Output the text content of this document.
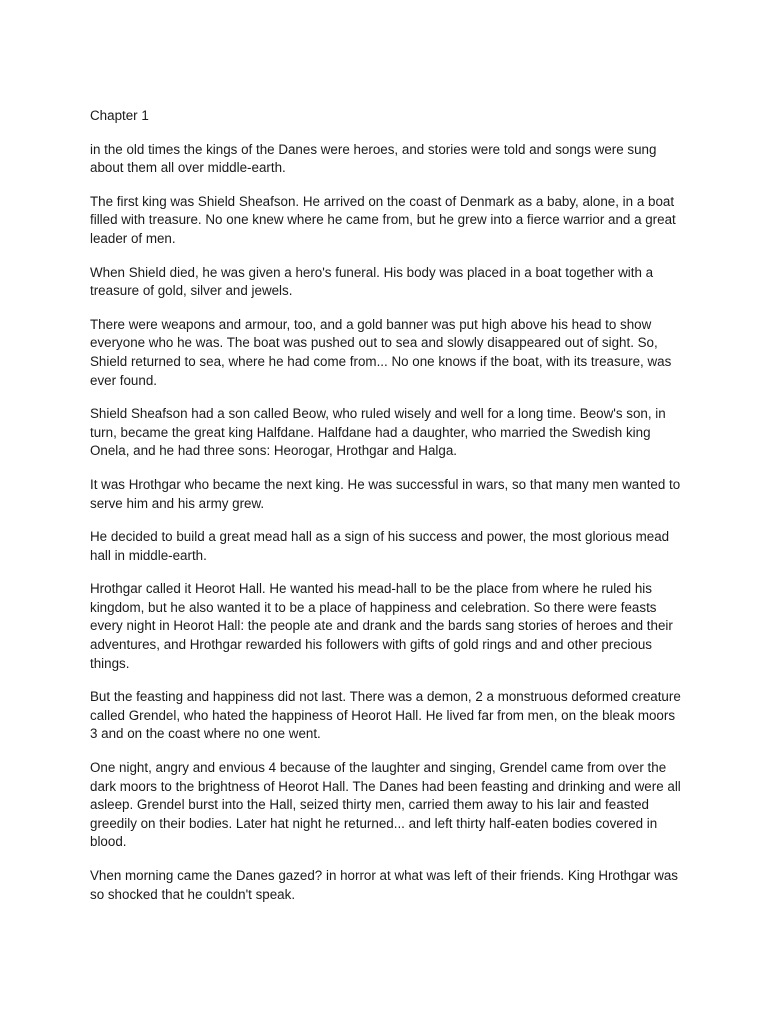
Chapter 1

in the old times the kings of the Danes were heroes, and stories were told and songs were sung about them all over middle-earth.

The first king was Shield Sheafson. He arrived on the coast of Denmark as a baby, alone, in a boat filled with treasure. No one knew where he came from, but he grew into a fierce warrior and a great leader of men.

When Shield died, he was given a hero's funeral. His body was placed in a boat together with a treasure of gold, silver and jewels.

There were weapons and armour, too, and a gold banner was put high above his head to show everyone who he was. The boat was pushed out to sea and slowly disappeared out of sight. So, Shield returned to sea, where he had come from... No one knows if the boat, with its treasure, was ever found.

Shield Sheafson had a son called Beow, who ruled wisely and well for a long time. Beow's son, in turn, became the great king Halfdane. Halfdane had a daughter, who married the Swedish king Onela, and he had three sons: Heorogar, Hrothgar and Halga.

It was Hrothgar who became the next king. He was successful in wars, so that many men wanted to serve him and his army grew.

He decided to build a great mead hall as a sign of his success and power, the most glorious mead hall in middle-earth.

Hrothgar called it Heorot Hall. He wanted his mead-hall to be the place from where he ruled his kingdom, but he also wanted it to be a place of happiness and celebration. So there were feasts every night in Heorot Hall: the people ate and drank and the bards sang stories of heroes and their adventures, and Hrothgar rewarded his followers with gifts of gold rings and and other precious things.

But the feasting and happiness did not last. There was a demon, 2 a monstruous deformed creature called Grendel, who hated the happiness of Heorot Hall. He lived far from men, on the bleak moors 3 and on the coast where no one went.

One night, angry and envious 4 because of the laughter and singing, Grendel came from over the dark moors to the brightness of Heorot Hall. The Danes had been feasting and drinking and were all asleep. Grendel burst into the Hall, seized thirty men, carried them away to his lair and feasted greedily on their bodies. Later hat night he returned... and left thirty half-eaten bodies covered in blood.

Vhen morning came the Danes gazed? in horror at what was left of their friends. King Hrothgar was so shocked that he couldn't speak.
